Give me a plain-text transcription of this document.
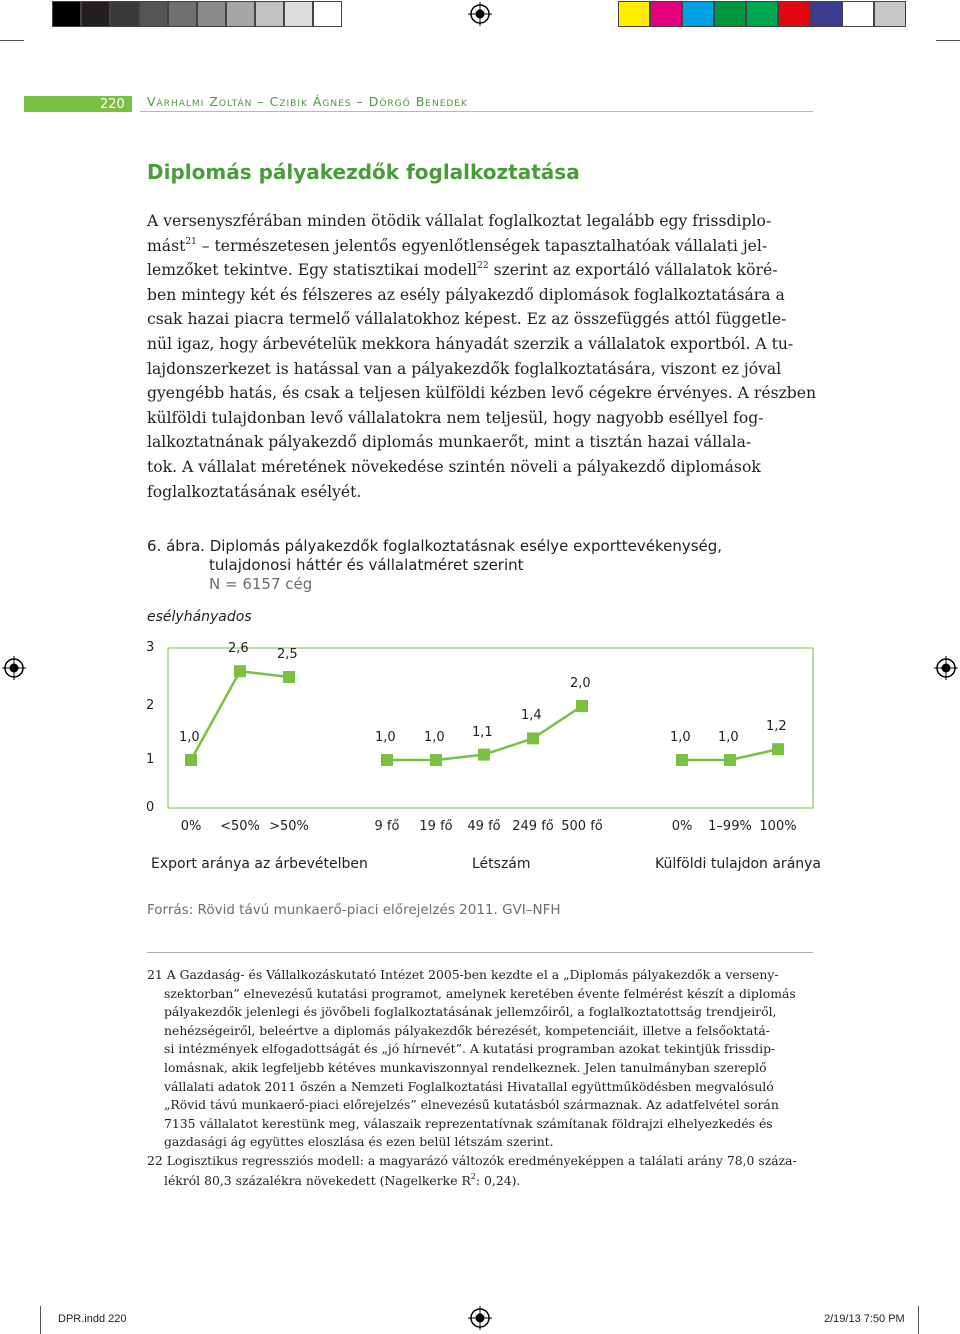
220 Várhalmi Zoltán – Czibik Ágnes – Dörgő Benedek
Diplomás pályakezdők foglalkoztatása
A versenyszférában minden ötödik vállalat foglalkoztat legalább egy frissdiplo-
mást$^{21}$ – természetesen jelentős egyenlőtlenségek tapasztalhatóak vállalati jel-
lemzőket tekintve. Egy statisztikai modell$^{22}$ szerint az exportáló vállalatok köré-
ben mintegy két és félszeres az esély pályakezdő diplomások foglalkoztatására a
csak hazai piacra termelő vállalatokhoz képest. Ez az összefüggés attól függetle-
nül igaz, hogy árbevételük mekkora hányadát szerzik a vállalatok exportból. A tu-
lajdonszerkezet is hatással van a pályakezdők foglalkoztatására, viszont ez jóval
gyengébb hatás, és csak a teljesen külföldi kézben levő cégekre érvényes. A részben
külföldi tulajdonban levő vállalatokra nem teljesül, hogy nagyobb eséllyel fog-
lalkoztatnának pályakezdő diplomás munkaerőt, mint a tisztán hazai vállala-
tok. A vállalat méretének növekedése szintén növeli a pályakezdő diplomások
foglalkoztatásának esélyét.
6. ábra. Diplomás pályakezdők foglalkoztatásnak esélye exporttevékenység,
tulajdonosi háttér és vállalatméret szerint
N = 6157 cég
esélyhányados
0
1
2
3
1,0
0%
2,6
<50%
2,5
>50%
Export aránya az árbevételben
1,0
9 fő
1,0
19 fő
1,1
49 fő
1,4
249 fő
2,0
500 fő
Létszám
1,0
0%
1,0
1–99%
1,2
100%
Külföldi tulajdon aránya
Forrás: Rövid távú munkaerő-piaci előrejelzés 2011. GVI–NFH
21 A Gazdaság- és Vállalkozáskutató Intézet 2005-ben kezdte el a „Diplomás pályakezdők a verseny-
szektorban” elnevezésű kutatási programot, amelynek keretében évente felmérést készít a diplomás
pályakezdők jelenlegi és jövőbeli foglalkoztatásának jellemzőiről, a foglalkoztatottság trendjeiről,
nehézségeiről, beleértve a diplomás pályakezdők bérezését, kompetenciáit, illetve a felsőoktatá-
si intézmények elfogadottságát és „jó hírnevét”. A kutatási programban azokat tekintjük frissdip-
lomásnak, akik legfeljebb kétéves munkaviszonnyal rendelkeznek. Jelen tanulmányban szereplő
vállalati adatok 2011 őszén a Nemzeti Foglalkoztatási Hivatallal együttműködésben megvalósuló
„Rövid távú munkaerő-piaci előrejelzés” elnevezésű kutatásból származnak. Az adatfelvétel során
7135 vállalatot kerestünk meg, válaszaik reprezentatívnak számítanak földrajzi elhelyezkedés és
gazdasági ág együttes eloszlása és ezen belül létszám szerint.
22 Logisztikus regressziós modell: a magyarázó változók eredményeképpen a találati arány 78,0 száza-
lékról 80,3 százalékra növekedett (Nagelkerke $R^2$: 0,24).
DPR.indd 220	2/19/13 7:50 PM
